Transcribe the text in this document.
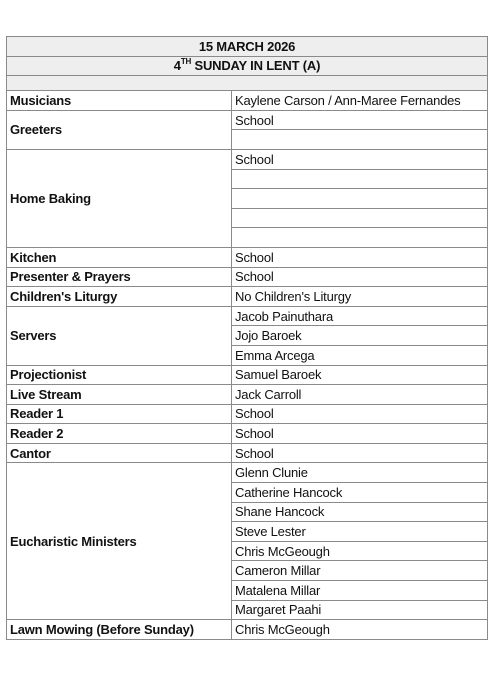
15 MARCH 2026	
4TH SUNDAY IN LENT (A)	

Musicians	Kaylene Carson / Ann-Maree Fernandes
Greeters	School

Home Baking	School

Kitchen	School
Presenter & Prayers	School
Children's Liturgy	No Children's Liturgy
Servers	Jacob Painuthara
	Jojo Baroek
	Emma Arcega
Projectionist	Samuel Baroek
Live Stream	Jack Carroll
Reader 1	School
Reader 2	School
Cantor	School
Eucharistic Ministers	Glenn Clunie
	Catherine Hancock
	Shane Hancock
	Steve Lester
	Chris McGeough
	Cameron Millar
	Matalena Millar
	Margaret Paahi
Lawn Mowing (Before Sunday)	Chris McGeough
